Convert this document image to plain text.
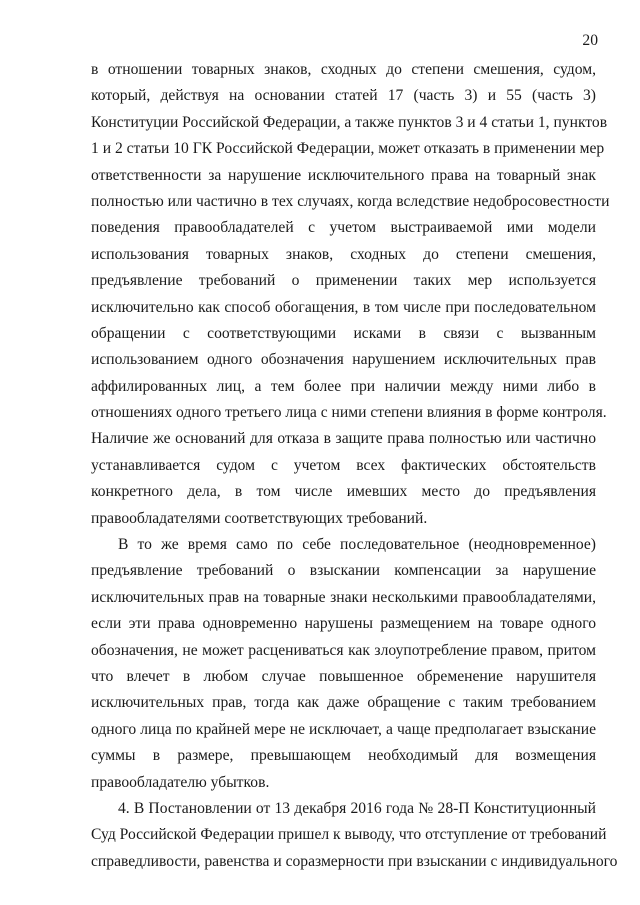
20
в отношении товарных знаков, сходных до степени смешения, судом,
который, действуя на основании статей 17 (часть 3) и 55 (часть 3)
Конституции Российской Федерации, а также пунктов 3 и 4 статьи 1, пунктов
1 и 2 статьи 10 ГК Российской Федерации, может отказать в применении мер
ответственности за нарушение исключительного права на товарный знак
полностью или частично в тех случаях, когда вследствие недобросовестности
поведения правообладателей с учетом выстраиваемой ими модели
использования товарных знаков, сходных до степени смешения,
предъявление требований о применении таких мер используется
исключительно как способ обогащения, в том числе при последовательном
обращении с соответствующими исками в связи с вызванным
использованием одного обозначения нарушением исключительных прав
аффилированных лиц, а тем более при наличии между ними либо в
отношениях одного третьего лица с ними степени влияния в форме контроля.
Наличие же оснований для отказа в защите права полностью или частично
устанавливается судом с учетом всех фактических обстоятельств
конкретного дела, в том числе имевших место до предъявления
правообладателями соответствующих требований.
В то же время само по себе последовательное (неодновременное)
предъявление требований о взыскании компенсации за нарушение
исключительных прав на товарные знаки несколькими правообладателями,
если эти права одновременно нарушены размещением на товаре одного
обозначения, не может расцениваться как злоупотребление правом, притом
что влечет в любом случае повышенное обременение нарушителя
исключительных прав, тогда как даже обращение с таким требованием
одного лица по крайней мере не исключает, а чаще предполагает взыскание
суммы в размере, превышающем необходимый для возмещения
правообладателю убытков.
4. В Постановлении от 13 декабря 2016 года № 28-П Конституционный
Суд Российской Федерации пришел к выводу, что отступление от требований
справедливости, равенства и соразмерности при взыскании с индивидуального
